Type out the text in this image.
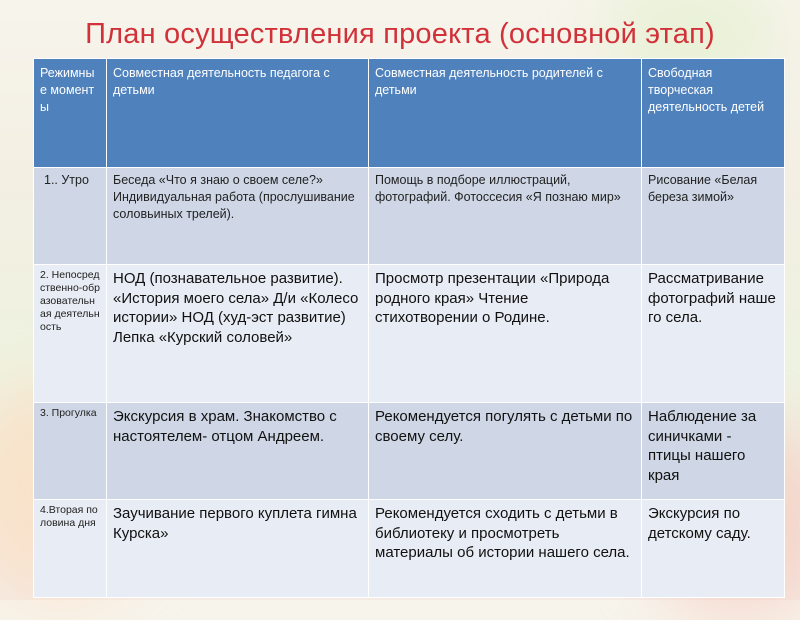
План осуществления проекта (основной этап)
Режимные моменты	Совместная деятельность педагога с детьми	Совместная деятельность родителей с детьми	Свободная творческая деятельность детей
1.. Утро	Беседа «Что я знаю о своем селе?» Индивидуальная работа (прослушивание соловьиных трелей).	Помощь в подборе иллюстраций, фотографий. Фотоссесия «Я познаю мир»	Рисование «Белая береза зимой»
2. Непосредственно-образовательная деятельность	НОД (познавательное развитие). «История моего села» Д/и «Колесо истории» НОД (худ-эст развитие) Лепка «Курский соловей»	Просмотр презентации «Природа родного края» Чтение стихотворении о Родине.	Рассматривание фотографий нашего села.
3. Прогулка	Экскурсия в храм. Знакомство с настоятелем- отцом Андреем.	Рекомендуется погулять с детьми по своему селу.	Наблюдение за синичками - птицы нашего края
4.Вторая половина дня	Заучивание первого куплета гимна Курска»	Рекомендуется сходить с детьми в библиотеку и просмотреть материалы об истории нашего села.	Экскурсия по детскому саду.
